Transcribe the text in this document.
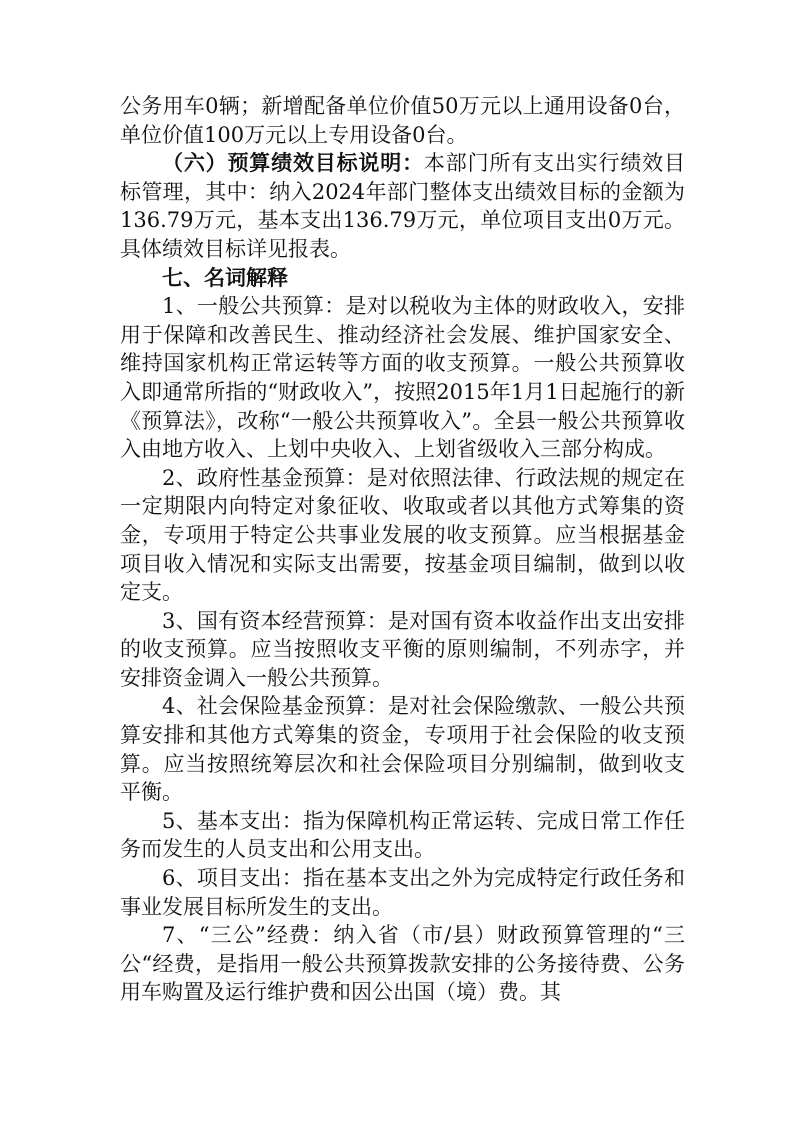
公务用车0辆；新增配备单位价值50万元以上通用设备0台，单位价值100万元以上专用设备0台。

（六）预算绩效目标说明：本部门所有支出实行绩效目标管理，其中：纳入2024年部门整体支出绩效目标的金额为136.79万元，基本支出136.79万元，单位项目支出0万元。具体绩效目标详见报表。

七、名词解释

1、一般公共预算：是对以税收为主体的财政收入，安排用于保障和改善民生、推动经济社会发展、维护国家安全、维持国家机构正常运转等方面的收支预算。一般公共预算收入即通常所指的“财政收入”，按照2015年1月1日起施行的新《预算法》，改称“一般公共预算收入”。全县一般公共预算收入由地方收入、上划中央收入、上划省级收入三部分构成。

2、政府性基金预算：是对依照法律、行政法规的规定在一定期限内向特定对象征收、收取或者以其他方式筹集的资金，专项用于特定公共事业发展的收支预算。应当根据基金项目收入情况和实际支出需要，按基金项目编制，做到以收定支。

3、国有资本经营预算：是对国有资本收益作出支出安排的收支预算。应当按照收支平衡的原则编制，不列赤字，并安排资金调入一般公共预算。

4、社会保险基金预算：是对社会保险缴款、一般公共预算安排和其他方式筹集的资金，专项用于社会保险的收支预算。应当按照统筹层次和社会保险项目分别编制，做到收支平衡。

5、基本支出：指为保障机构正常运转、完成日常工作任务而发生的人员支出和公用支出。

6、项目支出：指在基本支出之外为完成特定行政任务和事业发展目标所发生的支出。

7、“三公”经费：纳入省（市/县）财政预算管理的“三公“经费，是指用一般公共预算拨款安排的公务接待费、公务用车购置及运行维护费和因公出国（境）费。其
